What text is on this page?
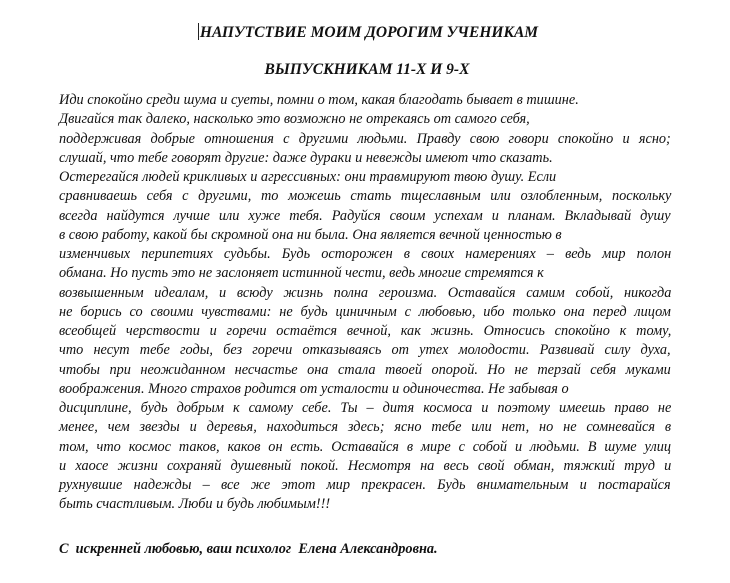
НАПУТСТВИЕ МОИМ ДОРОГИМ УЧЕНИКАМ
ВЫПУСКНИКАМ 11-Х И 9-Х
Иди спокойно среди шума и суеты, помни о том, какая благодать бывает в тишине.
Двигайся так далеко, насколько это возможно не отрекаясь от самого себя,
поддерживая добрые отношения с другими людьми. Правду свою говори спокойно и ясно;
слушай, что тебе говорят другие: даже дураки и невежды имеют что сказать.
Остерегайся людей крикливых и агрессивных: они травмируют твою душу. Если
сравниваешь себя с другими, то можешь стать тщеславным или озлобленным, поскольку
всегда найдутся лучше или хуже тебя. Радуйся своим успехам и планам. Вкладывай душу
в свою работу, какой бы скромной она ни была. Она является вечной ценностью в
изменчивых перипетиях судьбы. Будь осторожен в своих намерениях – ведь мир полон
обмана. Но пусть это не заслоняет истинной чести, ведь многие стремятся к
возвышенным идеалам, и всюду жизнь полна героизма. Оставайся самим собой, никогда
не борись со своими чувствами: не будь циничным с любовью, ибо только она перед лицом
всеобщей черствости и горечи остаётся вечной, как жизнь. Относись спокойно к тому,
что несут тебе годы, без горечи отказываясь от утех молодости. Развивай силу духа,
чтобы при неожиданном несчастье она стала твоей опорой. Но не терзай себя муками
воображения. Много страхов родится от усталости и одиночества. Не забывая о
дисциплине, будь добрым к самому себе. Ты – дитя космоса и поэтому имеешь право не
менее, чем звезды и деревья, находиться здесь; ясно тебе или нет, но не сомневайся в
том, что космос таков, каков он есть. Оставайся в мире с собой и людьми. В шуме улиц
и хаосе жизни сохраняй душевный покой. Несмотря на весь свой обман, тяжкий труд и
рухнувшие надежды – все же этот мир прекрасен. Будь внимательным и постарайся
быть счастливым. Люби и будь любимым!!!
С  искренней любовью, ваш психолог  Елена Александровна.
